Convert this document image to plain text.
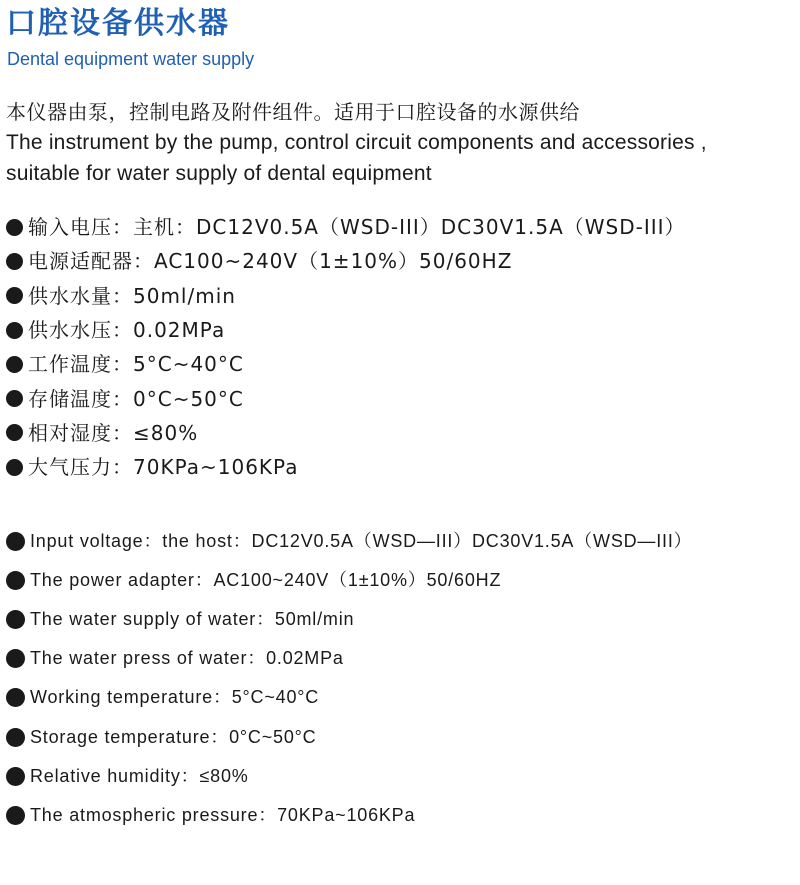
口腔设备供水器
Dental equipment water supply

本仪器由泵，控制电路及附件组件。适用于口腔设备的水源供给

The instrument by the pump, control circuit components and accessories ,

suitable for water supply of dental equipment

输入电压： 主机：DC12V0.5A（WSD-III）DC30V1.5A（WSD-III）
电源适配器： AC100~240V（1±10%）50/60HZ
供水水量： 50ml/min
供水水压： 0.02MPa
工作温度： 5°C~40°C
存储温度： 0°C~50°C
相对湿度： ≤80%
大气压力： 70KPa~106KPa
Input voltage：the host：DC12V0.5A（WSD—III）DC30V1.5A（WSD—III）
The power adapter：AC100~240V（1±10%）50/60HZ
The water supply of water：50ml/min
The water press of water：0.02MPa
Working temperature：5°C~40°C
Storage temperature：0°C~50°C
Relative humidity：≤80%
The atmospheric pressure：70KPa~106KPa
